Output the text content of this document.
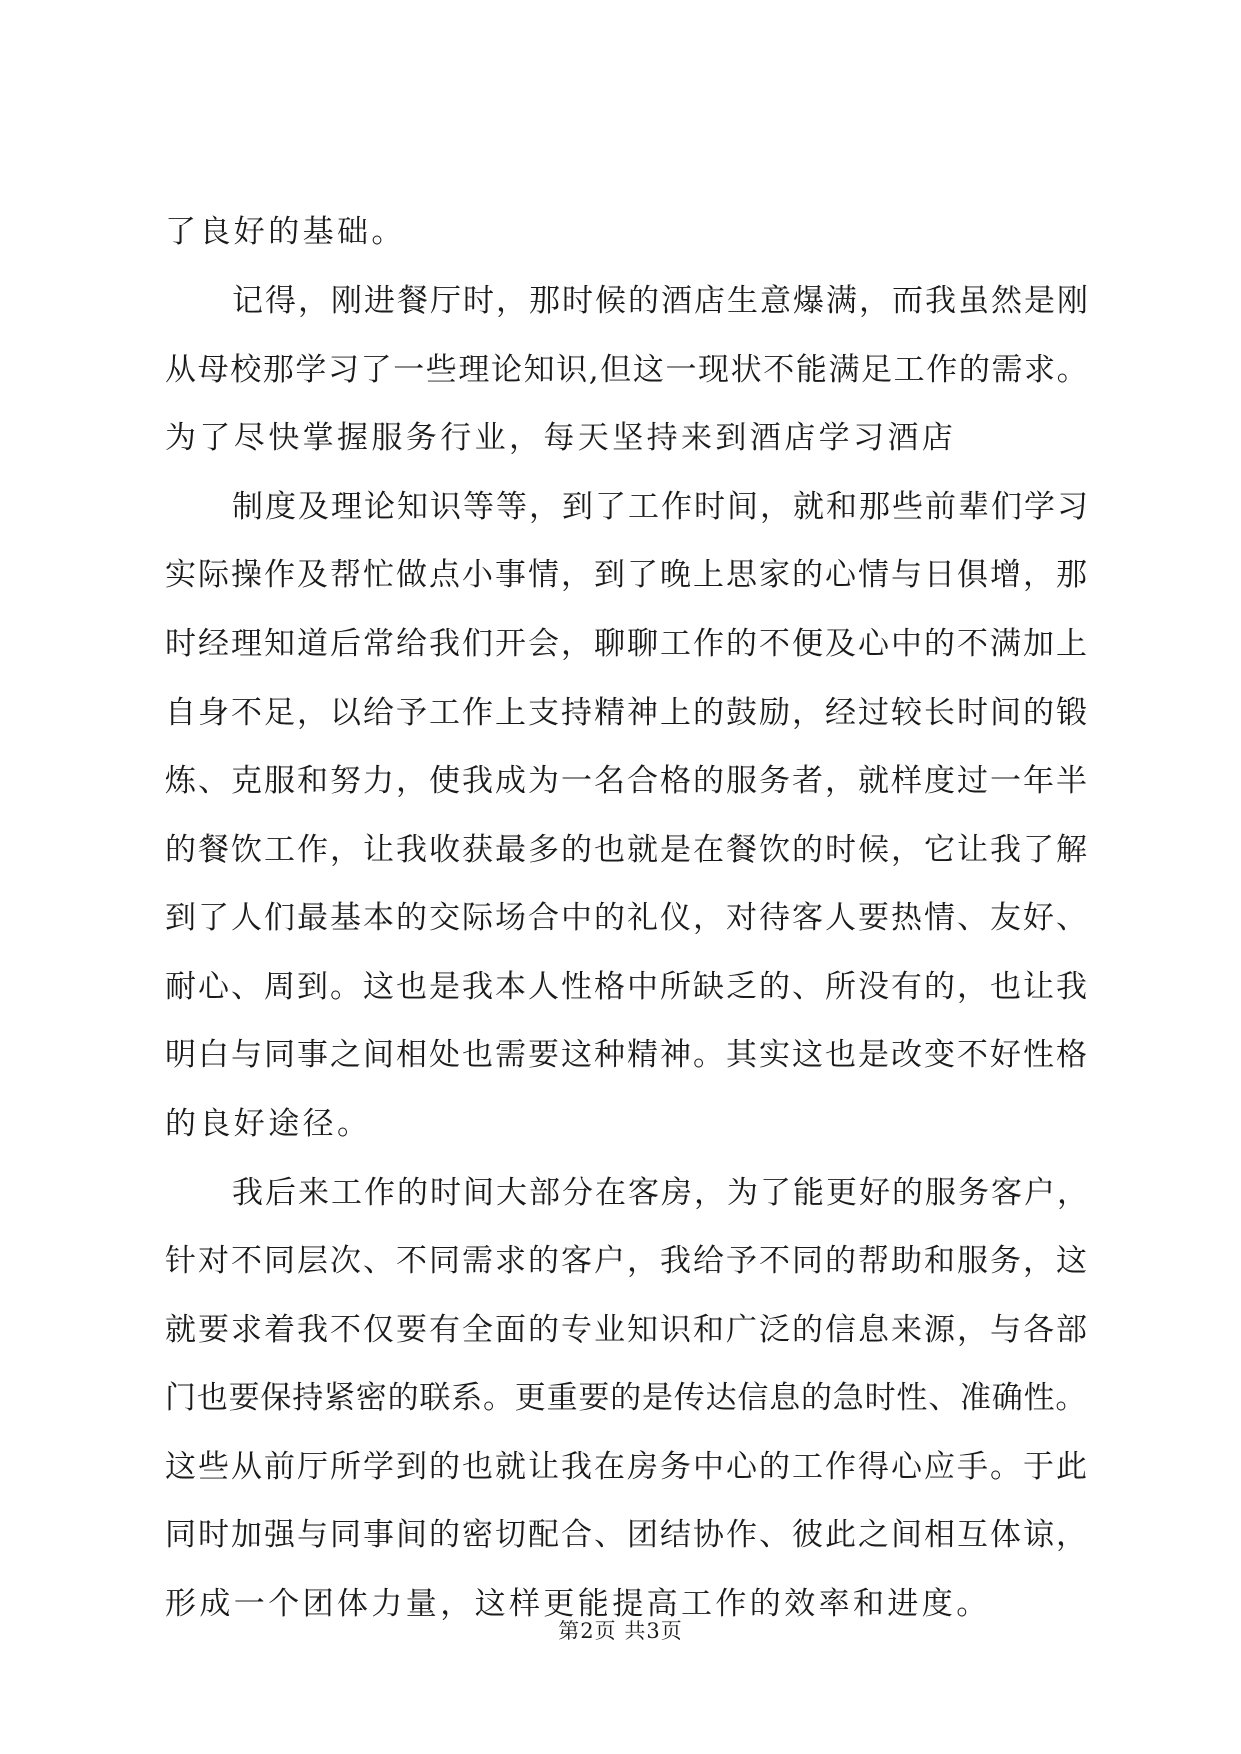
了良好的基础。
记得，刚进餐厅时，那时候的酒店生意爆满，而我虽然是刚
从母校那学习了一些理论知识,但这一现状不能满足工作的需求。
为了尽快掌握服务行业，每天坚持来到酒店学习酒店
制度及理论知识等等，到了工作时间，就和那些前辈们学习
实际操作及帮忙做点小事情，到了晚上思家的心情与日俱增，那
时经理知道后常给我们开会，聊聊工作的不便及心中的不满加上
自身不足，以给予工作上支持精神上的鼓励，经过较长时间的锻
炼、克服和努力，使我成为一名合格的服务者，就样度过一年半
的餐饮工作，让我收获最多的也就是在餐饮的时候，它让我了解
到了人们最基本的交际场合中的礼仪，对待客人要热情、友好、
耐心、周到。这也是我本人性格中所缺乏的、所没有的，也让我
明白与同事之间相处也需要这种精神。其实这也是改变不好性格
的良好途径。
我后来工作的时间大部分在客房，为了能更好的服务客户，
针对不同层次、不同需求的客户，我给予不同的帮助和服务，这
就要求着我不仅要有全面的专业知识和广泛的信息来源，与各部
门也要保持紧密的联系。更重要的是传达信息的急时性、准确性。
这些从前厅所学到的也就让我在房务中心的工作得心应手。于此
同时加强与同事间的密切配合、团结协作、彼此之间相互体谅，
形成一个团体力量，这样更能提高工作的效率和进度。
第2页 共3页
